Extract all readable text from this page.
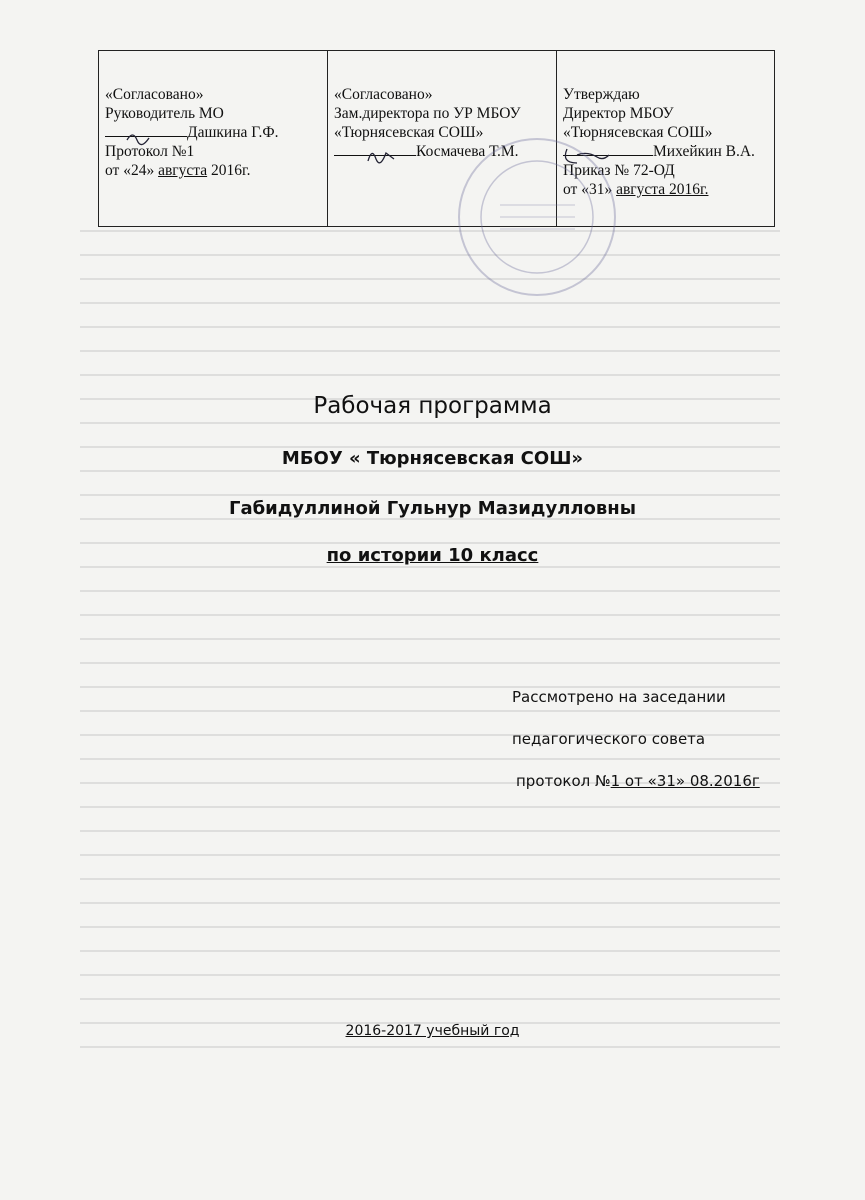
«Согласовано»
Руководитель МО
Дашкина Г.Ф.
Протокол №1
от «24» августа 2016г.

«Согласовано»
Зам.директора по УР МБОУ
«Тюрнясевская СОШ»
Космачева Т.М.

Утверждаю
Директор МБОУ
«Тюрнясевская СОШ»
Михейкин В.А.
Приказ № 72-ОД
от «31» августа 2016г.
Рабочая программа
МБОУ « Тюрнясевская СОШ»
Габидуллиной Гульнур Мазидулловны
по истории 10 класс
Рассмотрено на заседании
педагогического совета
протокол №1 от «31» 08.2016г
2016-2017 учебный год
